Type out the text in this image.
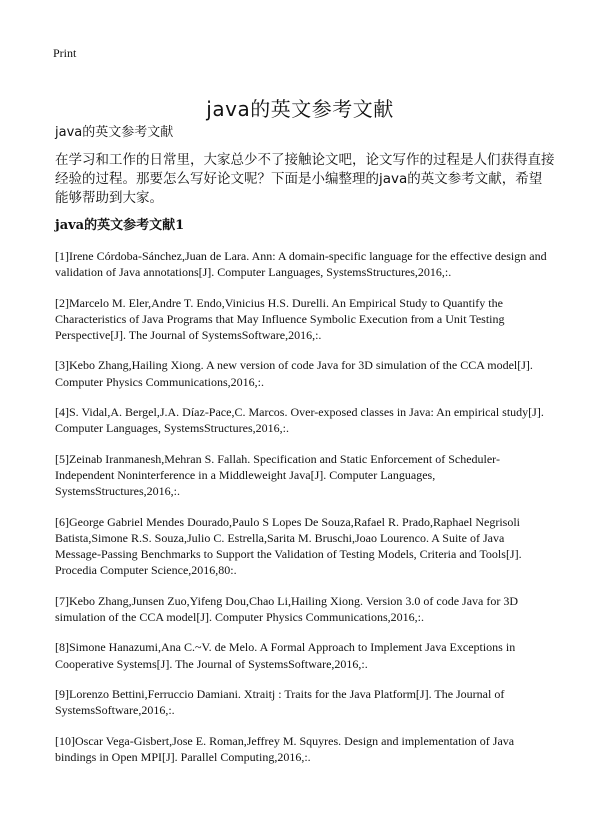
Print
java的英文参考文献
java的英文参考文献

在学习和工作的日常里，大家总少不了接触论文吧，论文写作的过程是人们获得直接经验的过程。那要怎么写好论文呢？下面是小编整理的java的英文参考文献，希望能够帮助到大家。

java的英文参考文献1

[1]Irene Córdoba-Sánchez,Juan de Lara. Ann: A domain-specific language for the effective design and validation of Java annotations[J]. Computer Languages, SystemsStructures,2016,:.

[2]Marcelo M. Eler,Andre T. Endo,Vinicius H.S. Durelli. An Empirical Study to Quantify the Characteristics of Java Programs that May Influence Symbolic Execution from a Unit Testing Perspective[J]. The Journal of SystemsSoftware,2016,:.

[3]Kebo Zhang,Hailing Xiong. A new version of code Java for 3D simulation of the CCA model[J]. Computer Physics Communications,2016,:.

[4]S. Vidal,A. Bergel,J.A. Díaz-Pace,C. Marcos. Over-exposed classes in Java: An empirical study[J]. Computer Languages, SystemsStructures,2016,:.

[5]Zeinab Iranmanesh,Mehran S. Fallah. Specification and Static Enforcement of Scheduler-Independent Noninterference in a Middleweight Java[J]. Computer Languages, SystemsStructures,2016,:.

[6]George Gabriel Mendes Dourado,Paulo S Lopes De Souza,Rafael R. Prado,Raphael Negrisoli Batista,Simone R.S. Souza,Julio C. Estrella,Sarita M. Bruschi,Joao Lourenco. A Suite of Java Message-Passing Benchmarks to Support the Validation of Testing Models, Criteria and Tools[J]. Procedia Computer Science,2016,80:.

[7]Kebo Zhang,Junsen Zuo,Yifeng Dou,Chao Li,Hailing Xiong. Version 3.0 of code Java for 3D simulation of the CCA model[J]. Computer Physics Communications,2016,:.

[8]Simone Hanazumi,Ana C.~V. de Melo. A Formal Approach to Implement Java Exceptions in Cooperative Systems[J]. The Journal of SystemsSoftware,2016,:.

[9]Lorenzo Bettini,Ferruccio Damiani. Xtraitj : Traits for the Java Platform[J]. The Journal of SystemsSoftware,2016,:.

[10]Oscar Vega-Gisbert,Jose E. Roman,Jeffrey M. Squyres. Design and implementation of Java bindings in Open MPI[J]. Parallel Computing,2016,:.
